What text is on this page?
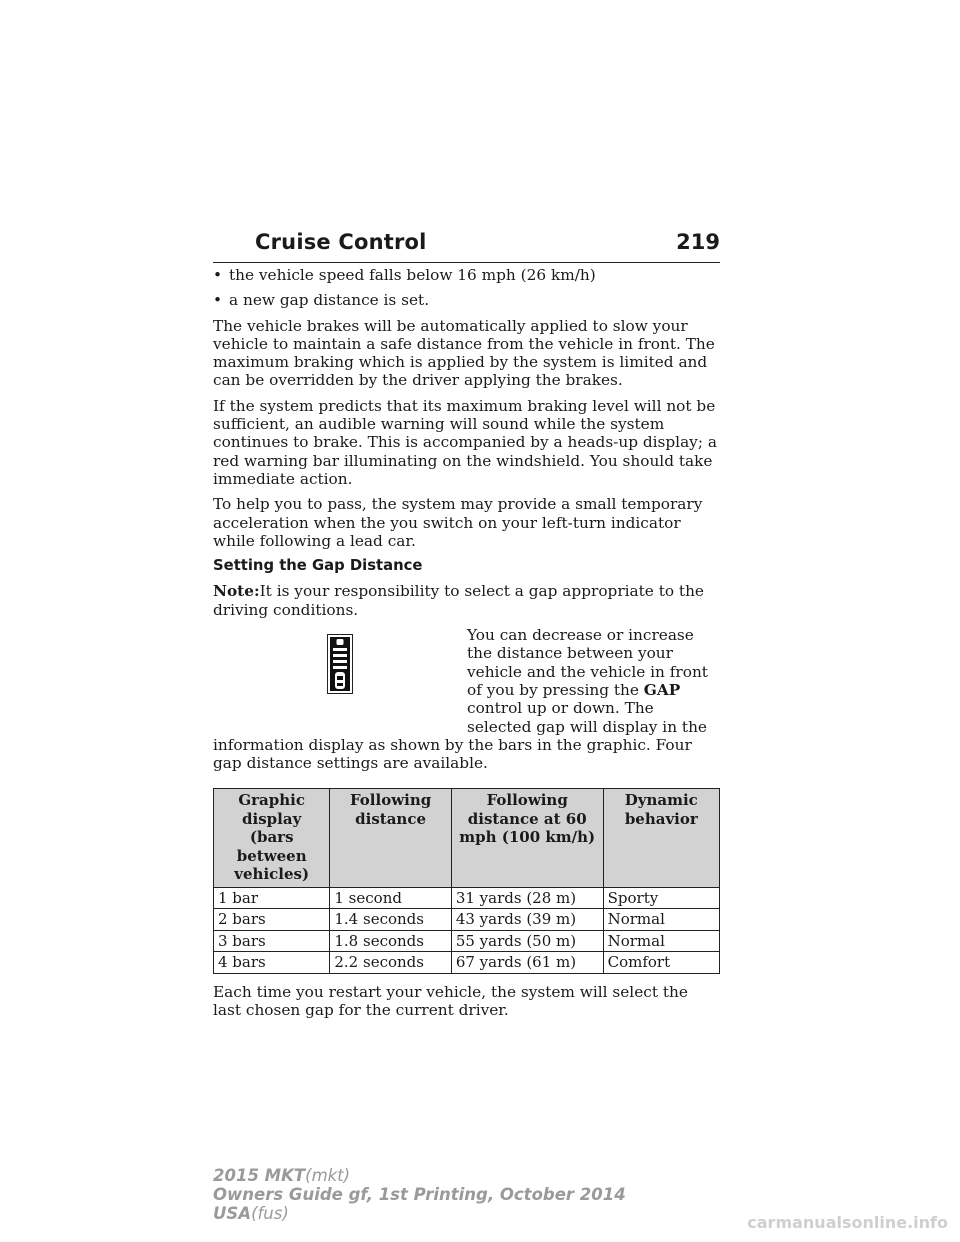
Cruise Control	219
• the vehicle speed falls below 16 mph (26 km/h)
• a new gap distance is set.

The vehicle brakes will be automatically applied to slow your vehicle to maintain a safe distance from the vehicle in front. The maximum braking which is applied by the system is limited and can be overridden by the driver applying the brakes.

If the system predicts that its maximum braking level will not be sufficient, an audible warning will sound while the system continues to brake. This is accompanied by a heads-up display; a red warning bar illuminating on the windshield. You should take immediate action.

To help you to pass, the system may provide a small temporary acceleration when the you switch on your left-turn indicator while following a lead car.

Setting the Gap Distance

Note:It is your responsibility to select a gap appropriate to the driving conditions.

You can decrease or increase the distance between your vehicle and the vehicle in front of you by pressing the GAP control up or down. The selected gap will display in the information display as shown by the bars in the graphic. Four gap distance settings are available.

Graphic display (bars between vehicles)	Following distance	Following distance at 60 mph (100 km/h)	Dynamic behavior
1 bar	1 second	31 yards (28 m)	Sporty
2 bars	1.4 seconds	43 yards (39 m)	Normal
3 bars	1.8 seconds	55 yards (50 m)	Normal
4 bars	2.2 seconds	67 yards (61 m)	Comfort

Each time you restart your vehicle, the system will select the last chosen gap for the current driver.

2015 MKT(mkt)
Owners Guide gf, 1st Printing, October 2014
USA(fus)	carmanualsonline.info
